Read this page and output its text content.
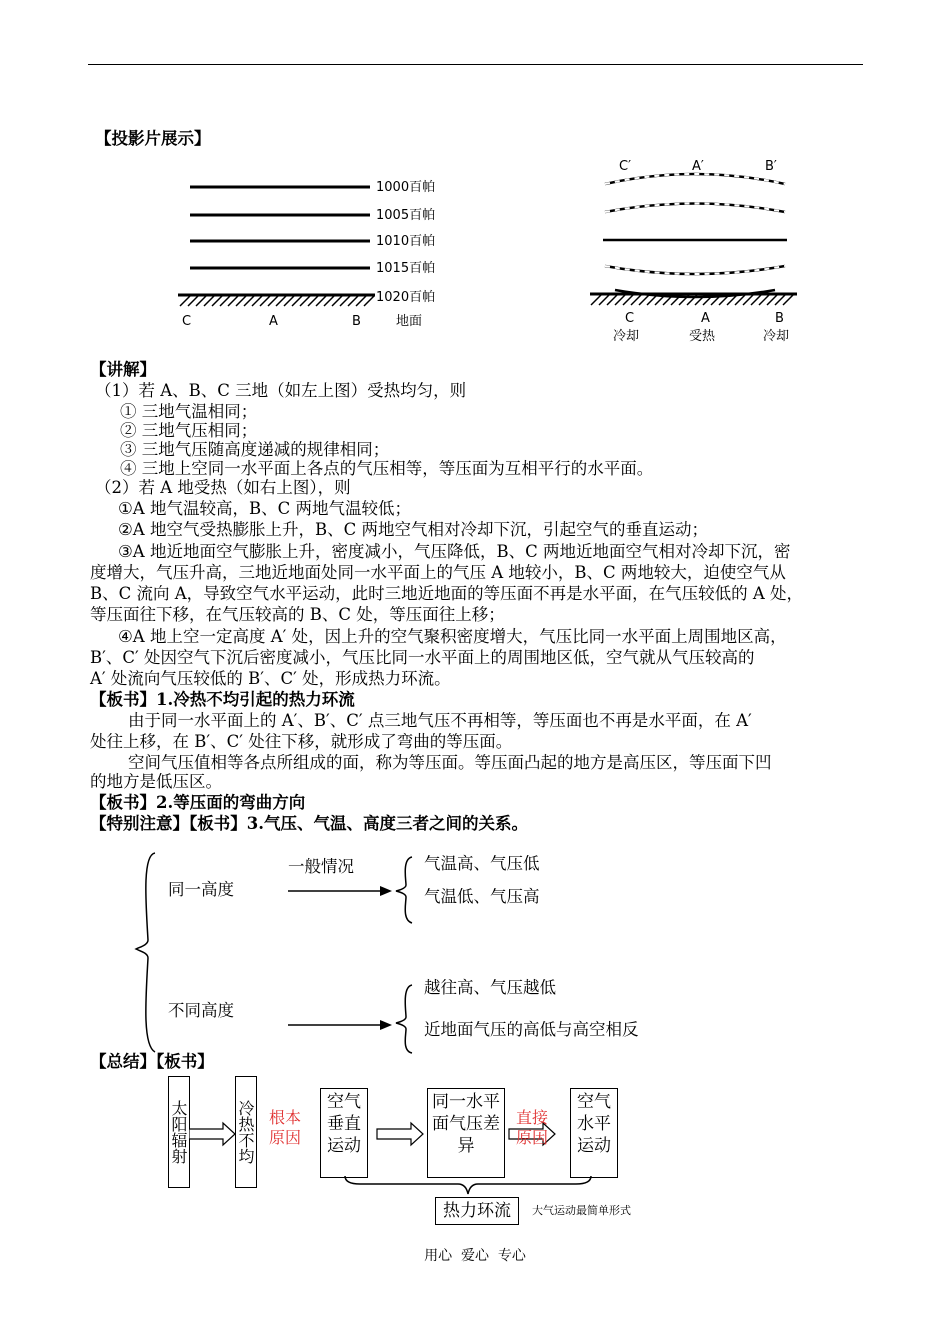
【投影片展示】
1000百帕
1005百帕
1010百帕
1015百帕
1020百帕
C	A	B	地面
C′	A′	B′
C	A	B
冷却	受热	冷却
【讲解】
（1）若 A、B、C 三地（如左上图）受热均匀，则
① 三地气温相同；
② 三地气压相同；
③ 三地气压随高度递减的规律相同；
④ 三地上空同一水平面上各点的气压相等，等压面为互相平行的水平面。
（2）若 A 地受热（如右上图），则
①A 地气温较高，B、C 两地气温较低；
②A 地空气受热膨胀上升，B、C 两地空气相对冷却下沉，引起空气的垂直运动；
③A 地近地面空气膨胀上升，密度减小，气压降低，B、C 两地近地面空气相对冷却下沉，密
度增大，气压升高，三地近地面处同一水平面上的气压 A 地较小，B、C 两地较大，迫使空气从
B、C 流向 A，导致空气水平运动，此时三地近地面的等压面不再是水平面，在气压较低的 A 处，
等压面往下移，在气压较高的 B、C 处，等压面往上移；
④A 地上空一定高度 A′ 处，因上升的空气聚积密度增大，气压比同一水平面上周围地区高，
B′、C′ 处因空气下沉后密度减小，气压比同一水平面上的周围地区低，空气就从气压较高的
A′ 处流向气压较低的 B′、C′ 处，形成热力环流。
【板书】1.冷热不均引起的热力环流
由于同一水平面上的 A′、B′、C′ 点三地气压不再相等，等压面也不再是水平面，在 A′
处往上移，在 B′、C′ 处往下移，就形成了弯曲的等压面。
空间气压值相等各点所组成的面，称为等压面。等压面凸起的地方是高压区，等压面下凹
的地方是低压区。
【板书】2.等压面的弯曲方向
【特别注意】【板书】3.气压、气温、高度三者之间的关系。
同一高度
一般情况	气温高、气压低
气温低、气压高
不同高度
越往高、气压越低
近地面气压的高低与高空相反
【总结】【板书】
太阳辐射	冷热不均 根本原因
空气垂直运动
同一水平面气压差异
直接原因
空气水平运动
热力环流	大气运动最简单形式
用心  爱心  专心
